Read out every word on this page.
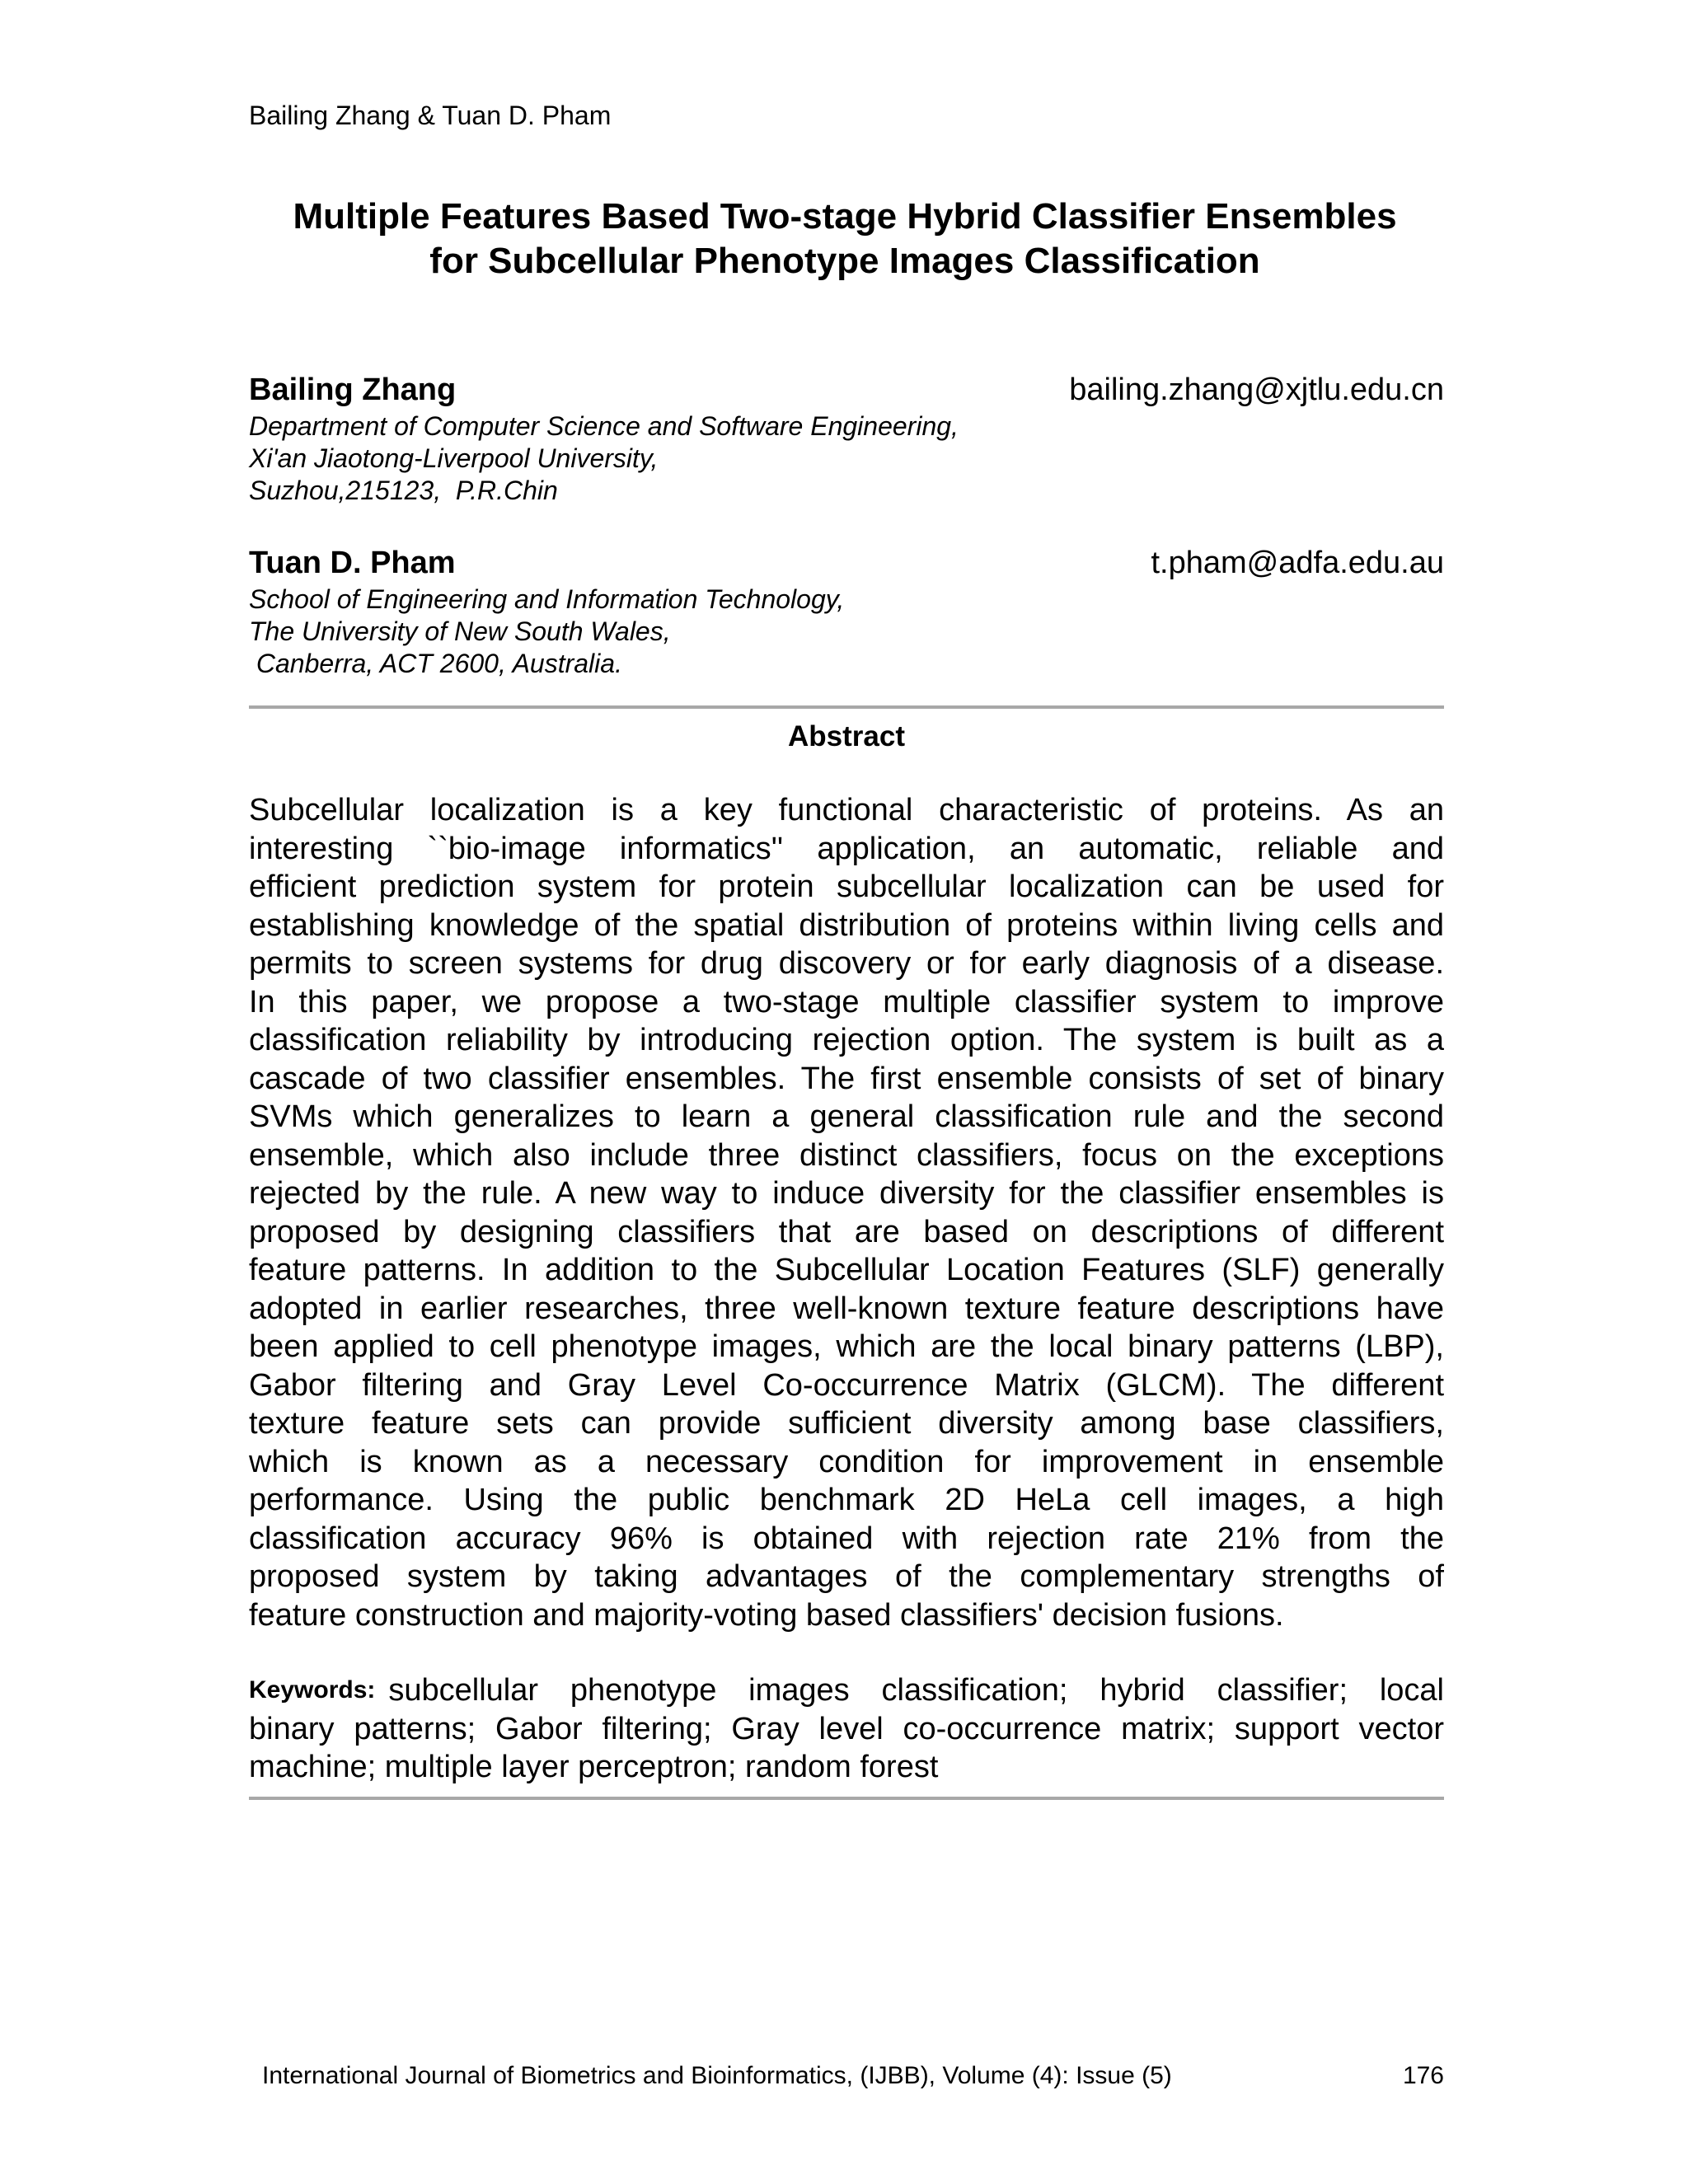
Bailing Zhang & Tuan D. Pham
Multiple Features Based Two-stage Hybrid Classifier Ensembles
for Subcellular Phenotype Images Classification
Bailing Zhang	bailing.zhang@xjtlu.edu.cn
Department of Computer Science and Software Engineering,
Xi'an Jiaotong-Liverpool University,
Suzhou,215123,  P.R.Chin
Tuan D. Pham	t.pham@adfa.edu.au
School of Engineering and Information Technology,
The University of New South Wales,
Canberra, ACT 2600, Australia.
Abstract
Subcellular localization is a key functional characteristic of proteins. As an
interesting ``bio-image informatics'' application, an automatic, reliable and
efficient prediction system for protein subcellular localization can be used for
establishing knowledge of the spatial distribution of proteins within living cells and
permits to screen systems for drug discovery or for early diagnosis of a disease.
In this paper, we propose a two-stage multiple classifier system to improve
classification reliability by introducing rejection option. The system is built as a
cascade of two classifier ensembles. The first ensemble consists of set of binary
SVMs which generalizes to learn a general classification rule and the second
ensemble, which also include three distinct classifiers, focus on the exceptions
rejected by the rule. A new way to induce diversity for the classifier ensembles is
proposed by designing classifiers that are based on descriptions of different
feature patterns. In addition to the Subcellular Location Features (SLF) generally
adopted in earlier researches, three well-known texture feature descriptions have
been applied to cell phenotype images, which are the local binary patterns (LBP),
Gabor filtering and Gray Level Co-occurrence Matrix (GLCM). The different
texture feature sets can provide sufficient diversity among base classifiers,
which is known as a necessary condition for improvement in ensemble
performance. Using the public benchmark 2D HeLa cell images, a high
classification accuracy 96% is obtained with rejection rate 21% from the
proposed system by taking advantages of the complementary strengths of
feature construction and majority-voting based classifiers' decision fusions.
Keywords: subcellular phenotype images classification; hybrid classifier; local
binary patterns; Gabor filtering; Gray level co-occurrence matrix; support vector
machine; multiple layer perceptron; random forest
International Journal of Biometrics and Bioinformatics, (IJBB), Volume (4): Issue (5)	176
